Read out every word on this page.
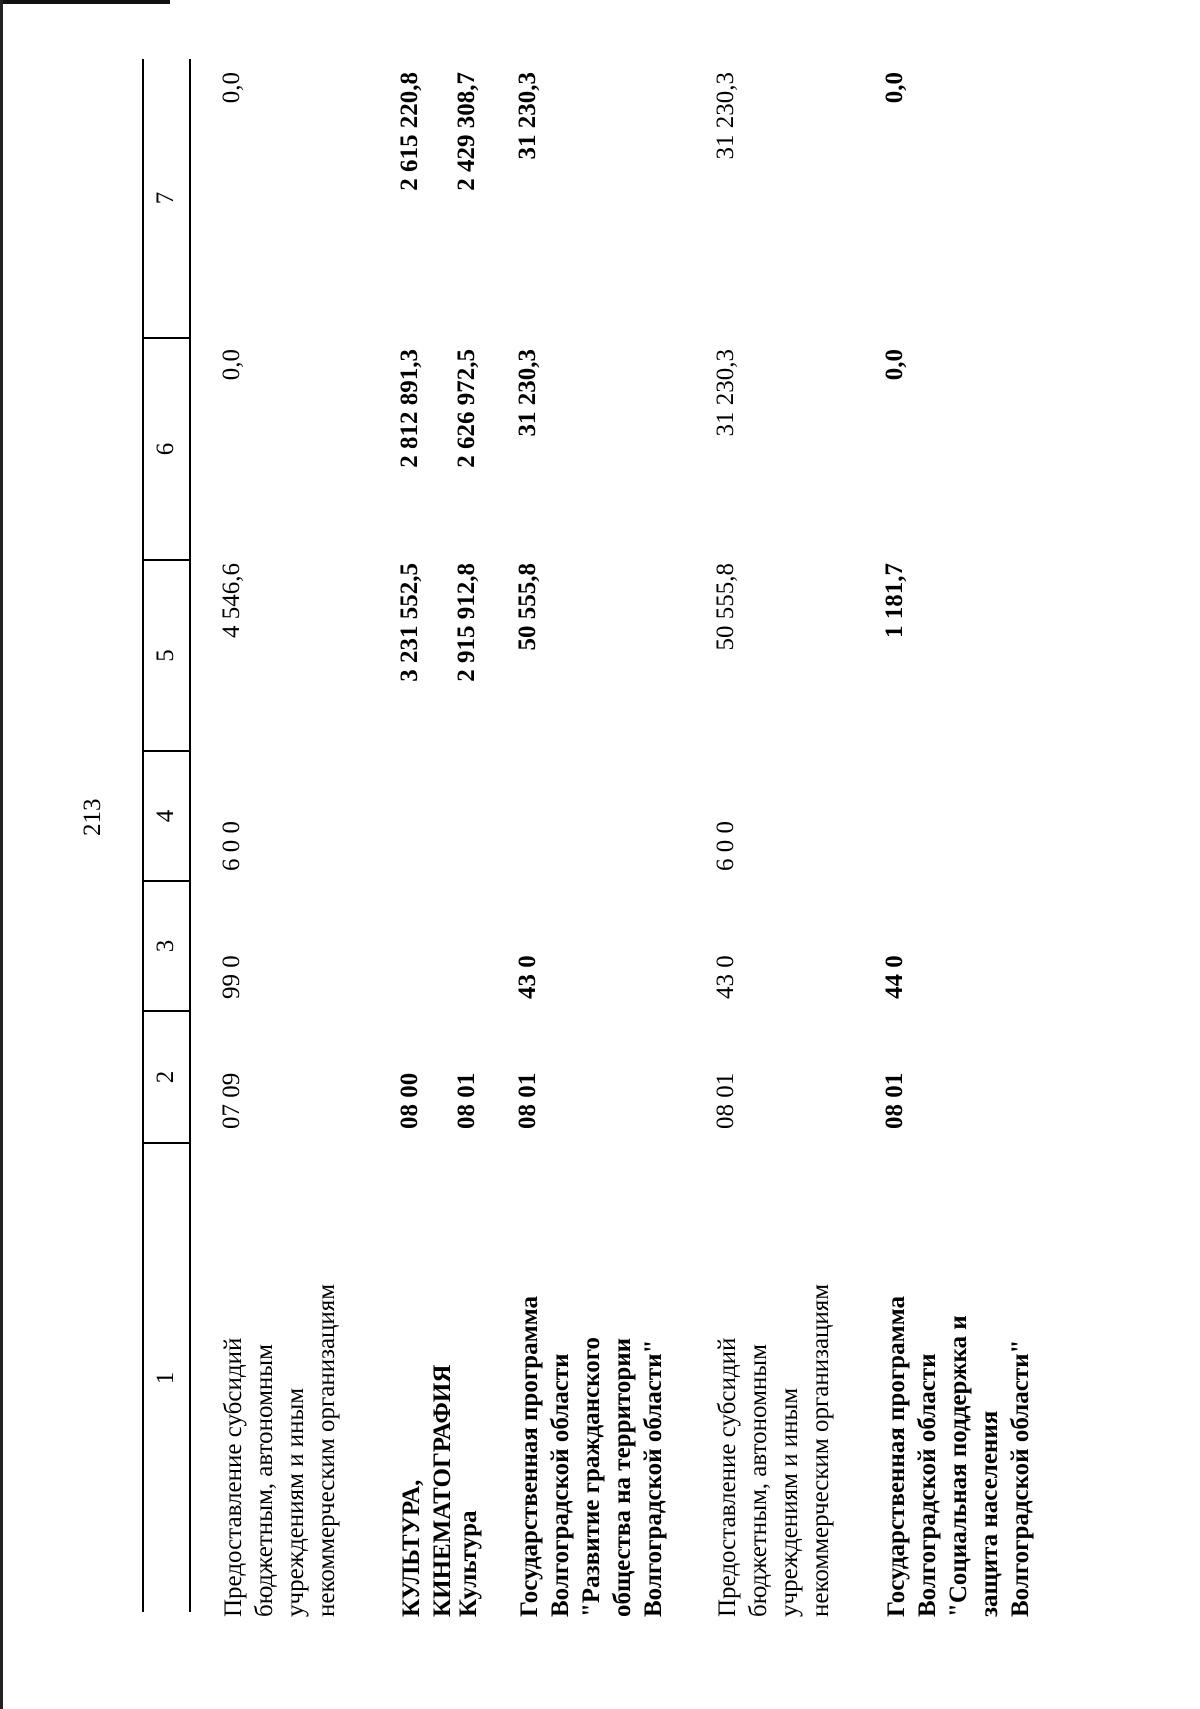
213
1
2
3
4
5
6
7
Предоставление субсидий бюджетным, автономным учреждениям и иным некоммерческим организациям
07 09
99 0
6 0 0
4 546,6
0,0
0,0
КУЛЬТУРА, КИНЕМАТОГРАФИЯ
08 00
3 231 552,5
2 812 891,3
2 615 220,8
Культура
08 01
2 915 912,8
2 626 972,5
2 429 308,7
Государственная программа Волгоградской области "Развитие гражданского общества на территории Волгоградской области"
08 01
43 0
50 555,8
31 230,3
31 230,3
Предоставление субсидий бюджетным, автономным учреждениям и иным некоммерческим организациям
08 01
43 0
6 0 0
50 555,8
31 230,3
31 230,3
Государственная программа Волгоградской области "Социальная поддержка и защита населения Волгоградской области"
08 01
44 0
1 181,7
0,0
0,0
